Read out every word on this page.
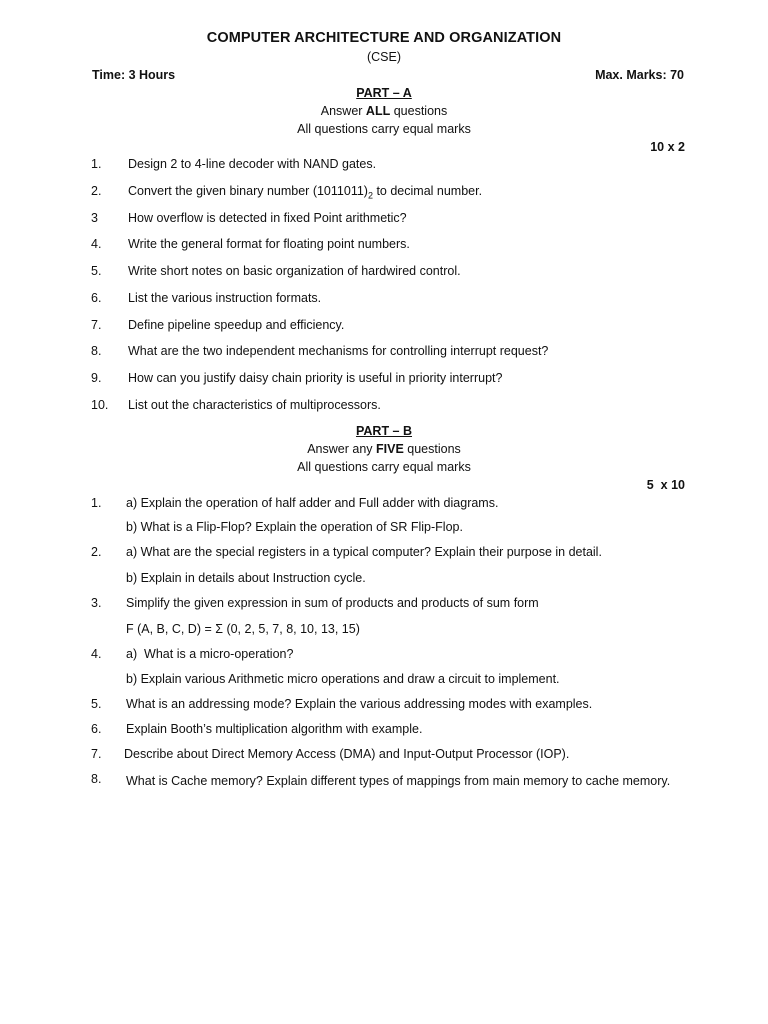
COMPUTER ARCHITECTURE AND ORGANIZATION
(CSE)
Time: 3 Hours	Max. Marks: 70
PART – A
Answer ALL questions
All questions carry equal marks
10 x 2
1. Design 2 to 4-line decoder with NAND gates.
2. Convert the given binary number $(1011011)_2$ to decimal number.
3 How overflow is detected in fixed Point arithmetic?
4. Write the general format for floating point numbers.
5. Write short notes on basic organization of hardwired control.
6. List the various instruction formats.
7. Define pipeline speedup and efficiency.
8. What are the two independent mechanisms for controlling interrupt request?
9. How can you justify daisy chain priority is useful in priority interrupt?
10. List out the characteristics of multiprocessors.
PART – B
Answer any FIVE questions
All questions carry equal marks
5  x 10
1. a) Explain the operation of half adder and Full adder with diagrams.
b) What is a Flip-Flop? Explain the operation of SR Flip-Flop.
2. a) What are the special registers in a typical computer? Explain their purpose in detail.
b) Explain in details about Instruction cycle.
3. Simplify the given expression in sum of products and products of sum form
F (A, B, C, D) = Σ (0, 2, 5, 7, 8, 10, 13, 15)
4. a)  What is a micro-operation?
b) Explain various Arithmetic micro operations and draw a circuit to implement.
5. What is an addressing mode? Explain the various addressing modes with examples.
6. Explain Booth’s multiplication algorithm with example.
7. Describe about Direct Memory Access (DMA) and Input-Output Processor (IOP).
8. What is Cache memory? Explain different types of mappings from main memory to cache memory.
